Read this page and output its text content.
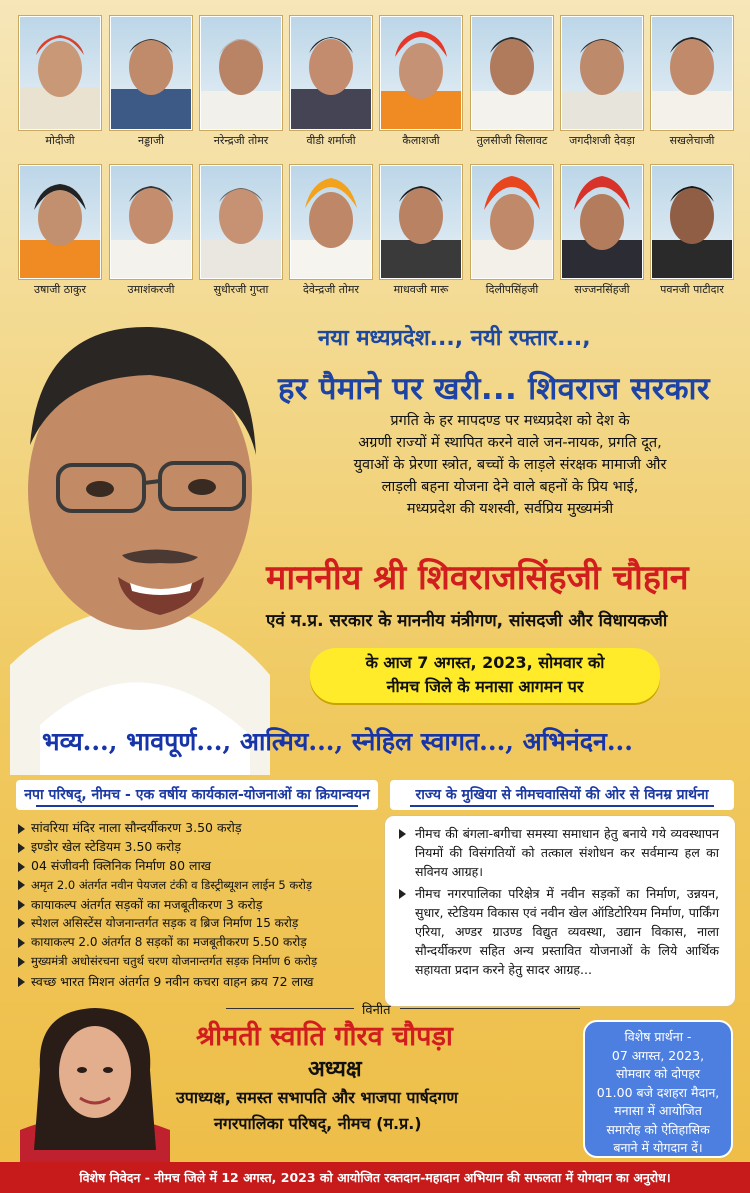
मोदीजी	नड्डाजी	नरेन्द्रजी तोमर	वीडी शर्माजी	कैलाशजी	तुलसीजी सिलावट	जगदीशजी देवड़ा	सखलेचाजी
उषाजी ठाकुर	उमाशंकरजी	सुधीरजी गुप्ता	देवेन्द्रजी तोमर	माधवजी मारू	दिलीपसिंहजी	सज्जनसिंहजी	पवनजी पाटीदार
नया मध्यप्रदेश..., नयी रफ्तार...,
हर पैमाने पर खरी... शिवराज सरकार
प्रगति के हर मापदण्ड पर मध्यप्रदेश को देश के
अग्रणी राज्यों में स्थापित करने वाले जन-नायक, प्रगति दूत,
युवाओं के प्रेरणा स्त्रोत, बच्चों के लाड़ले संरक्षक मामाजी और
लाड़ली बहना योजना देने वाले बहनों के प्रिय भाई,
मध्यप्रदेश की यशस्वी, सर्वप्रिय मुख्यमंत्री
माननीय श्री शिवराजसिंहजी चौहान
एवं म.प्र. सरकार के माननीय मंत्रीगण, सांसदजी और विधायकजी
के आज 7 अगस्त, 2023, सोमवार को
नीमच जिले के मनासा आगमन पर
भव्य..., भावपूर्ण..., आत्मिय..., स्नेहिल स्वागत..., अभिनंदन...
नपा परिषद्, नीमच - एक वर्षीय कार्यकाल-योजनाओं का क्रियान्वयन
सांवरिया मंदिर नाला सौन्दर्यीकरण 3.50 करोड़
इण्डोर खेल स्टेडियम 3.50 करोड़
04 संजीवनी क्लिनिक निर्माण 80 लाख
अमृत 2.0 अंतर्गत नवीन पेयजल टंकी व डिस्ट्रीब्यूशन लाईन 5 करोड़
कायाकल्प अंतर्गत सड़कों का मजबूतीकरण 3 करोड़
स्पेशल असिस्टेंस योजनान्तर्गत सड़क व ब्रिज निर्माण 15 करोड़
कायाकल्प 2.0 अंतर्गत 8 सड़कों का मजबूतीकरण 5.50 करोड़
मुख्यमंत्री अधोसंरचना चतुर्थ चरण योजनान्तर्गत सड़क निर्माण 6 करोड़
स्वच्छ भारत मिशन अंतर्गत 9 नवीन कचरा वाहन क्रय 72 लाख
राज्य के मुखिया से नीमचवासियों की ओर से विनम्र प्रार्थना
नीमच की बंगला-बगीचा समस्या समाधान हेतु बनाये गये व्यवस्थापन नियमों की विसंगतियों को तत्काल संशोधन कर सर्वमान्य हल का सविनय आग्रह।
नीमच नगरपालिका परिक्षेत्र में नवीन सड़कों का निर्माण, उन्नयन, सुधार, स्टेडियम विकास एवं नवीन खेल ऑडिटोरियम निर्माण, पार्किंग एरिया, अण्डर ग्राउण्ड विद्युत व्यवस्था, उद्यान विकास, नाला सौन्दर्यीकरण सहित अन्य प्रस्तावित योजनाओं के लिये आर्थिक सहायता प्रदान करने हेतु सादर आग्रह...
विनीत
श्रीमती स्वाति गौरव चौपड़ा
अध्यक्ष
उपाध्यक्ष, समस्त सभापति और भाजपा पार्षदगण
नगरपालिका परिषद्, नीमच (म.प्र.)
विशेष प्रार्थना -
07 अगस्त, 2023,
सोमवार को दोपहर
01.00 बजे दशहरा मैदान,
मनासा में आयोजित
समारोह को ऐतिहासिक
बनाने में योगदान दें।
विशेष निवेदन - नीमच जिले में 12 अगस्त, 2023 को आयोजित रक्तदान-महादान अभियान की सफलता में योगदान का अनुरोध।
